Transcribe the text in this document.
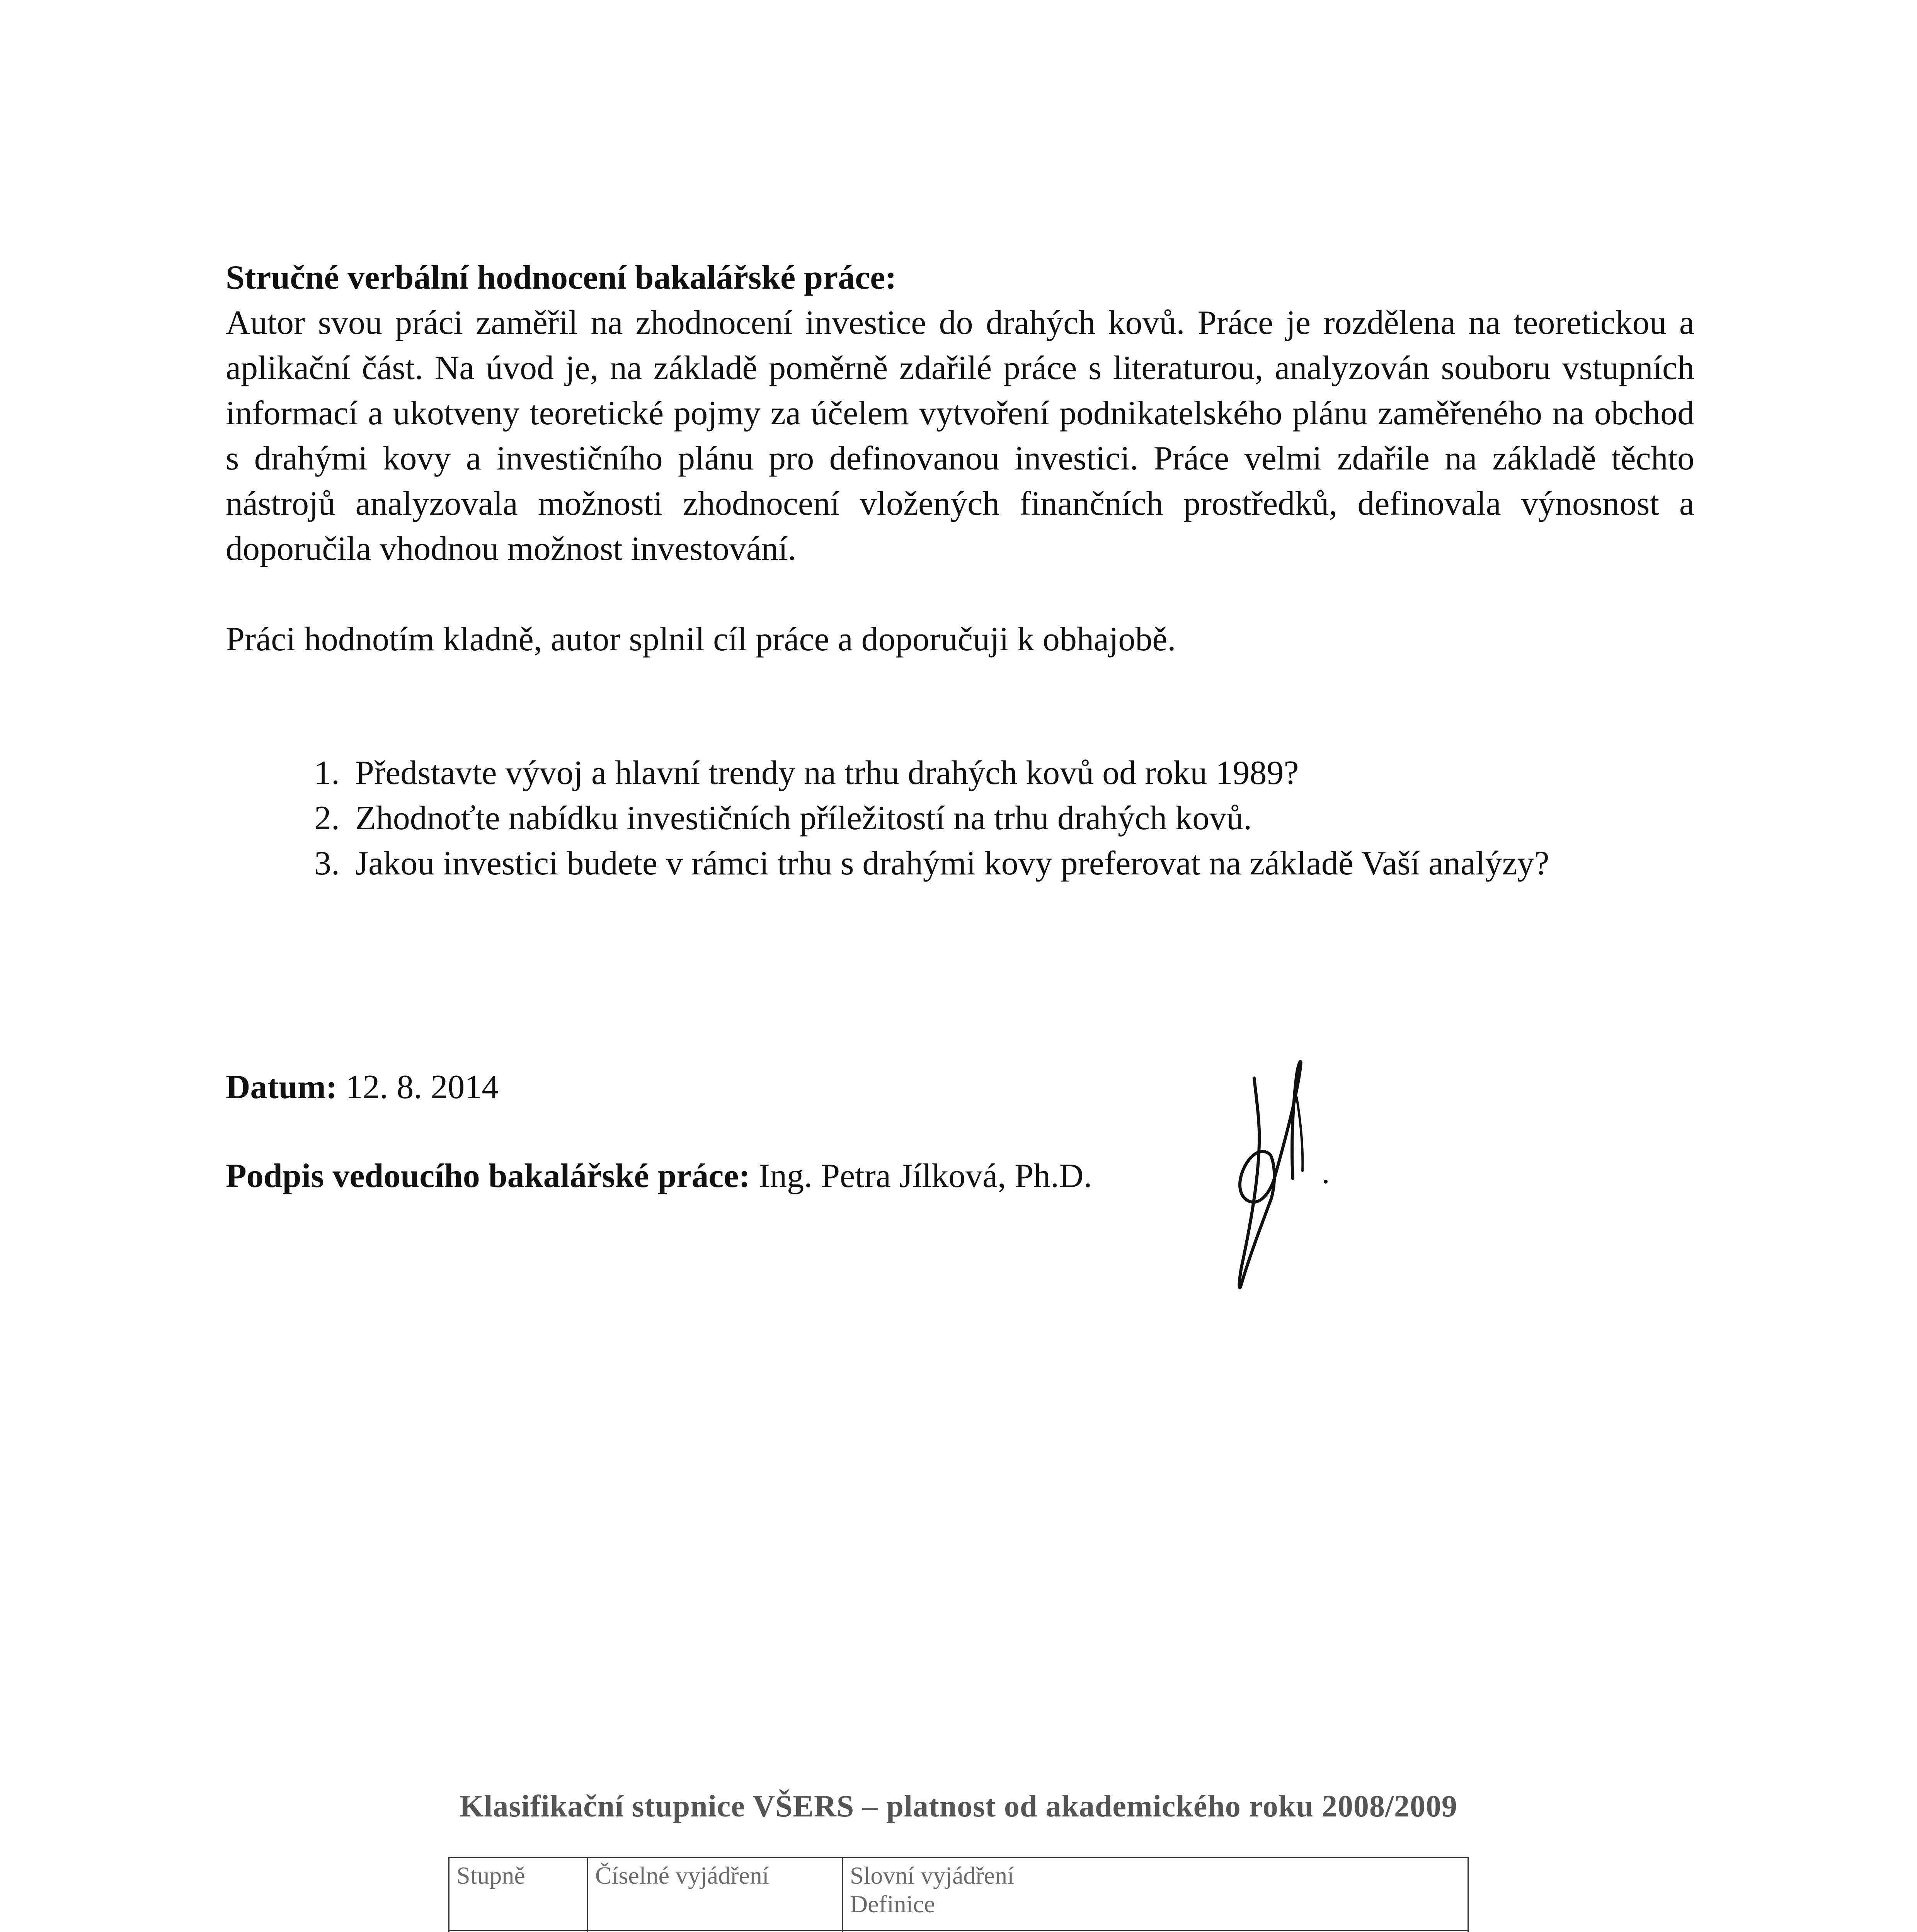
Stručné verbální hodnocení bakalářské práce:
Autor svou práci zaměřil na zhodnocení investice do drahých kovů. Práce je rozdělena na teoretickou a aplikační část. Na úvod je, na základě poměrně zdařilé práce s literaturou, analyzován souboru vstupních informací a ukotveny teoretické pojmy za účelem vytvoření podnikatelského plánu zaměřeného na obchod s drahými kovy a investičního plánu pro definovanou investici. Práce velmi zdařile na základě těchto nástrojů analyzovala možnosti zhodnocení vložených finančních prostředků, definovala výnosnost a doporučila vhodnou možnost investování.
Práci hodnotím kladně, autor splnil cíl práce a doporučuji k obhajobě.
1. Představte vývoj a hlavní trendy na trhu drahých kovů od roku 1989?
2. Zhodnoťte nabídku investičních příležitostí na trhu drahých kovů.
3. Jakou investici budete v rámci trhu s drahými kovy preferovat na základě Vaší analýzy?
Datum: 12. 8. 2014
Podpis vedoucího bakalářské práce: Ing. Petra Jílková, Ph.D.
Klasifikační stupnice VŠERS – platnost od akademického roku 2008/2009
Stupně	Číselné vyjádření	Slovní vyjádření
Definice
